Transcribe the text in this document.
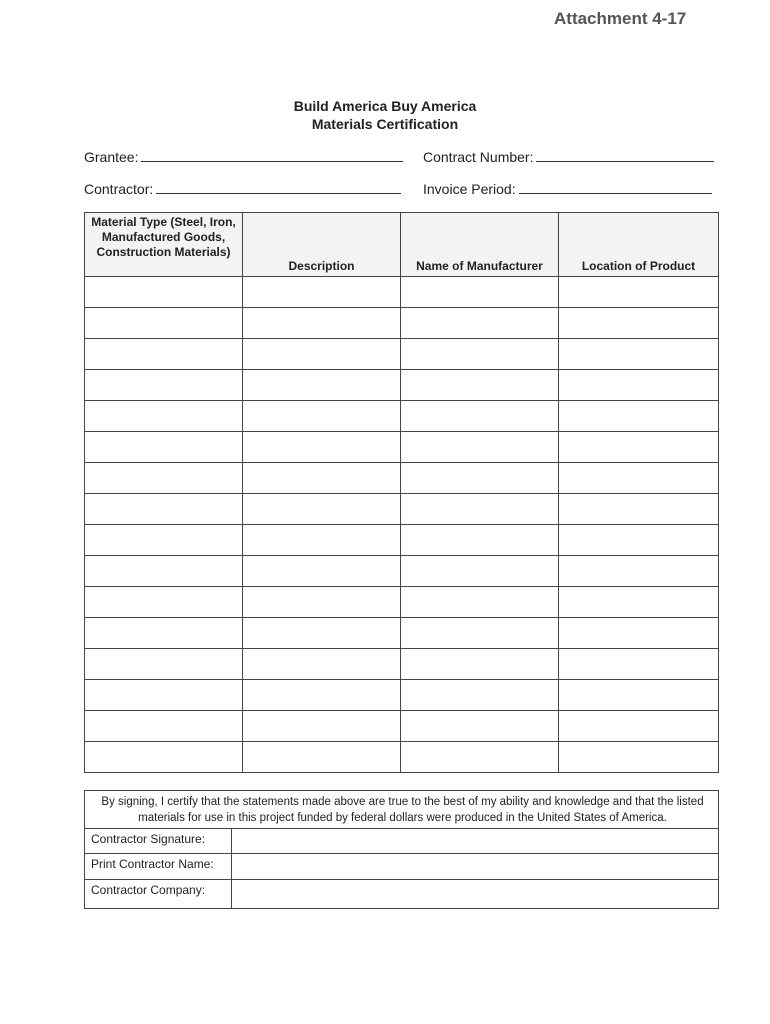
Attachment 4-17
Build America Buy America
Materials Certification
Grantee:	Contract Number:
Contractor:	Invoice Period:
Material Type (Steel, Iron, Manufactured Goods, Construction Materials)	Description	Name of Manufacturer	Location of Product

By signing, I certify that the statements made above are true to the best of my ability and knowledge and that the listed materials for use in this project funded by federal dollars were produced in the United States of America.
Contractor Signature:
Print Contractor Name:
Contractor Company:
